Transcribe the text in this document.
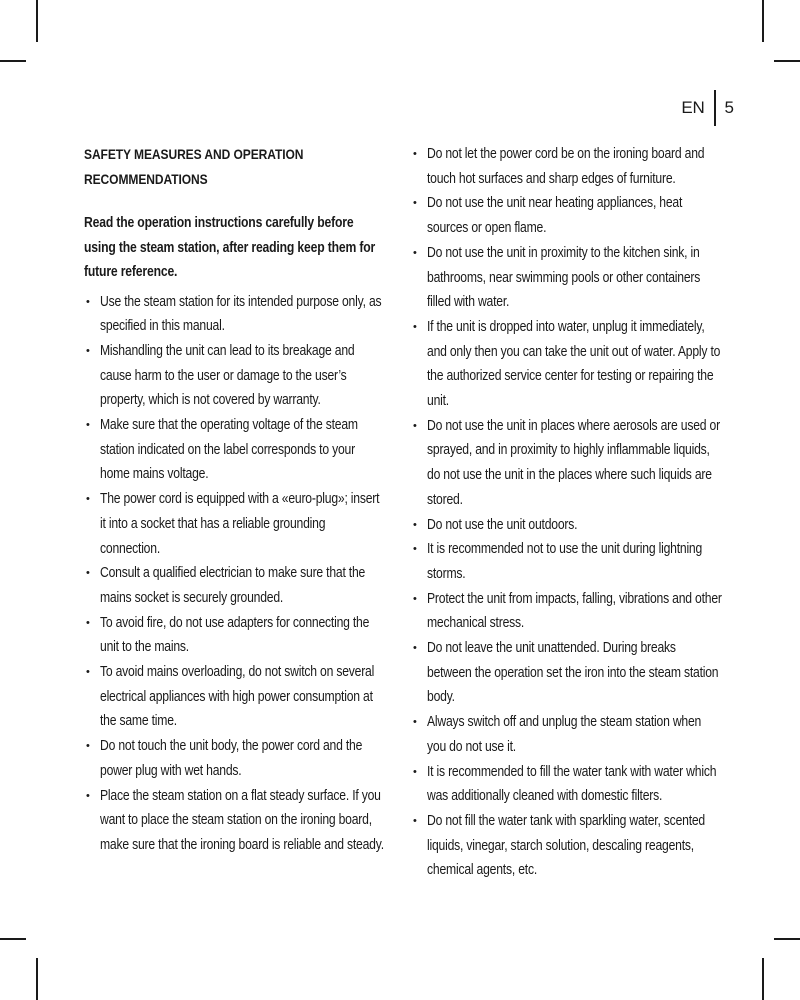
EN 5
SAFETY MEASURES AND OPERATION RECOMMENDATIONS

Read the operation instructions carefully before using the steam station, after reading keep them for future reference.

• Use the steam station for its intended purpose only, as specified in this manual.
• Mishandling the unit can lead to its breakage and cause harm to the user or damage to the user’s property, which is not covered by warranty.
• Make sure that the operating voltage of the steam station indicated on the label corresponds to your home mains voltage.
• The power cord is equipped with a «euro-plug»; insert it into a socket that has a reliable grounding connection.
• Consult a qualified electrician to make sure that the mains socket is securely grounded.
• To avoid fire, do not use adapters for connecting the unit to the mains.
• To avoid mains overloading, do not switch on several electrical appliances with high power consumption at the same time.
• Do not touch the unit body, the power cord and the power plug with wet hands.
• Place the steam station on a flat steady surface. If you want to place the steam station on the ironing board, make sure that the ironing board is reliable and steady.
• Do not let the power cord be on the ironing board and touch hot surfaces and sharp edges of furniture.
• Do not use the unit near heating appliances, heat sources or open flame.
• Do not use the unit in proximity to the kitchen sink, in bathrooms, near swimming pools or other containers filled with water.
• If the unit is dropped into water, unplug it immediately, and only then you can take the unit out of water. Apply to the authorized service center for testing or repairing the unit.
• Do not use the unit in places where aerosols are used or sprayed, and in proximity to highly inflammable liquids, do not use the unit in the places where such liquids are stored.
• Do not use the unit outdoors.
• It is recommended not to use the unit during lightning storms.
• Protect the unit from impacts, falling, vibrations and other mechanical stress.
• Do not leave the unit unattended. During breaks between the operation set the iron into the steam station body.
• Always switch off and unplug the steam station when you do not use it.
• It is recommended to fill the water tank with water which was additionally cleaned with domestic filters.
• Do not fill the water tank with sparkling water, scented liquids, vinegar, starch solution, descaling reagents, chemical agents, etc.
